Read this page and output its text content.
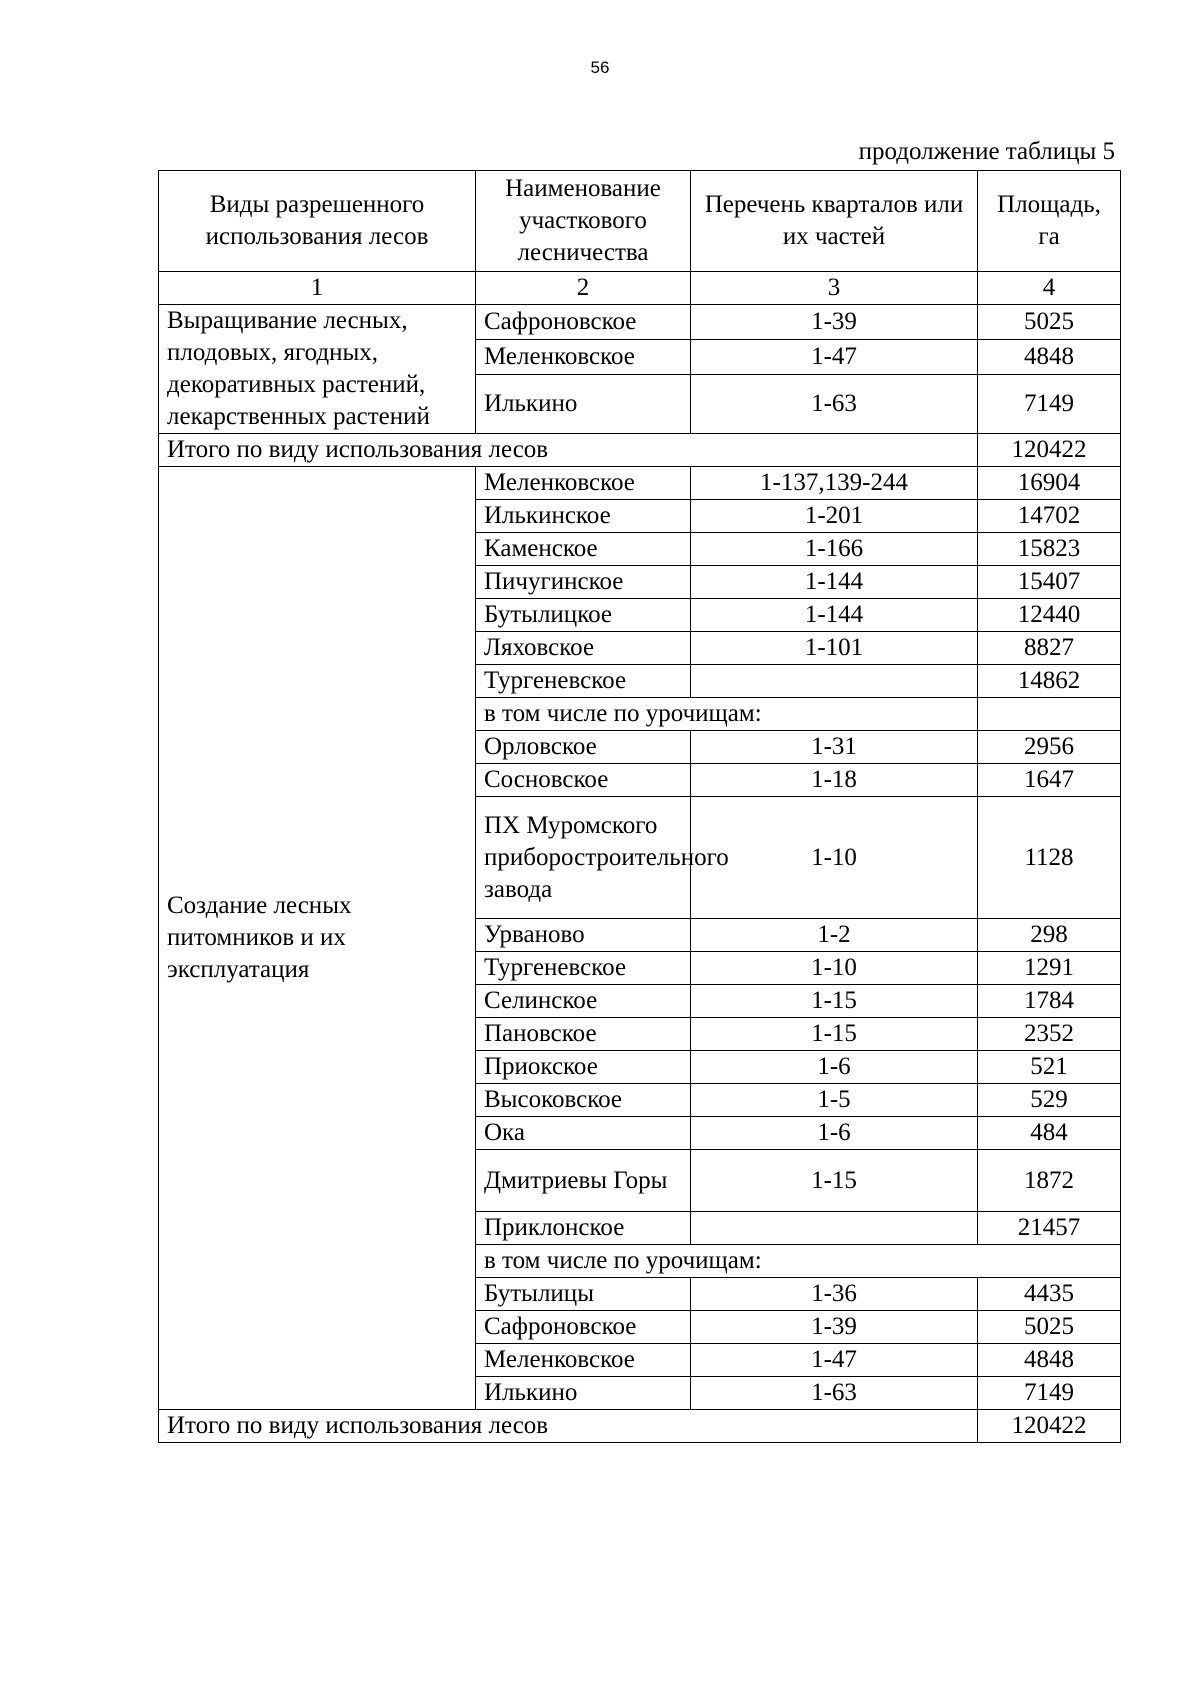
56
продолжение таблицы 5
Виды разрешенного использования лесов	Наименование участкового лесничества	Перечень кварталов или их частей	Площадь, га
1	2	3	4
Выращивание лесных, плодовых, ягодных, декоративных растений, лекарственных растений	Сафроновское	1-39	5025
	Меленковское	1-47	4848
	Илькино	1-63	7149
Итого по виду использования лесов			120422
Создание лесных питомников и их эксплуатация	Меленковское	1-137,139-244	16904
	Илькинское	1-201	14702
	Каменское	1-166	15823
	Пичугинское	1-144	15407
	Бутылицкое	1-144	12440
	Ляховское	1-101	8827
	Тургеневское		14862
	в том числе по урочищам:		
	Орловское	1-31	2956
	Сосновское	1-18	1647
	ПХ Муромского приборостроительного завода	1-10	1128
	Урваново	1-2	298
	Тургеневское	1-10	1291
	Селинское	1-15	1784
	Пановское	1-15	2352
	Приокское	1-6	521
	Высоковское	1-5	529
	Ока	1-6	484
	Дмитриевы Горы	1-15	1872
	Приклонское		21457
	в том числе по урочищам:		
	Бутылицы	1-36	4435
	Сафроновское	1-39	5025
	Меленковское	1-47	4848
	Илькино	1-63	7149
Итого по виду использования лесов			120422
